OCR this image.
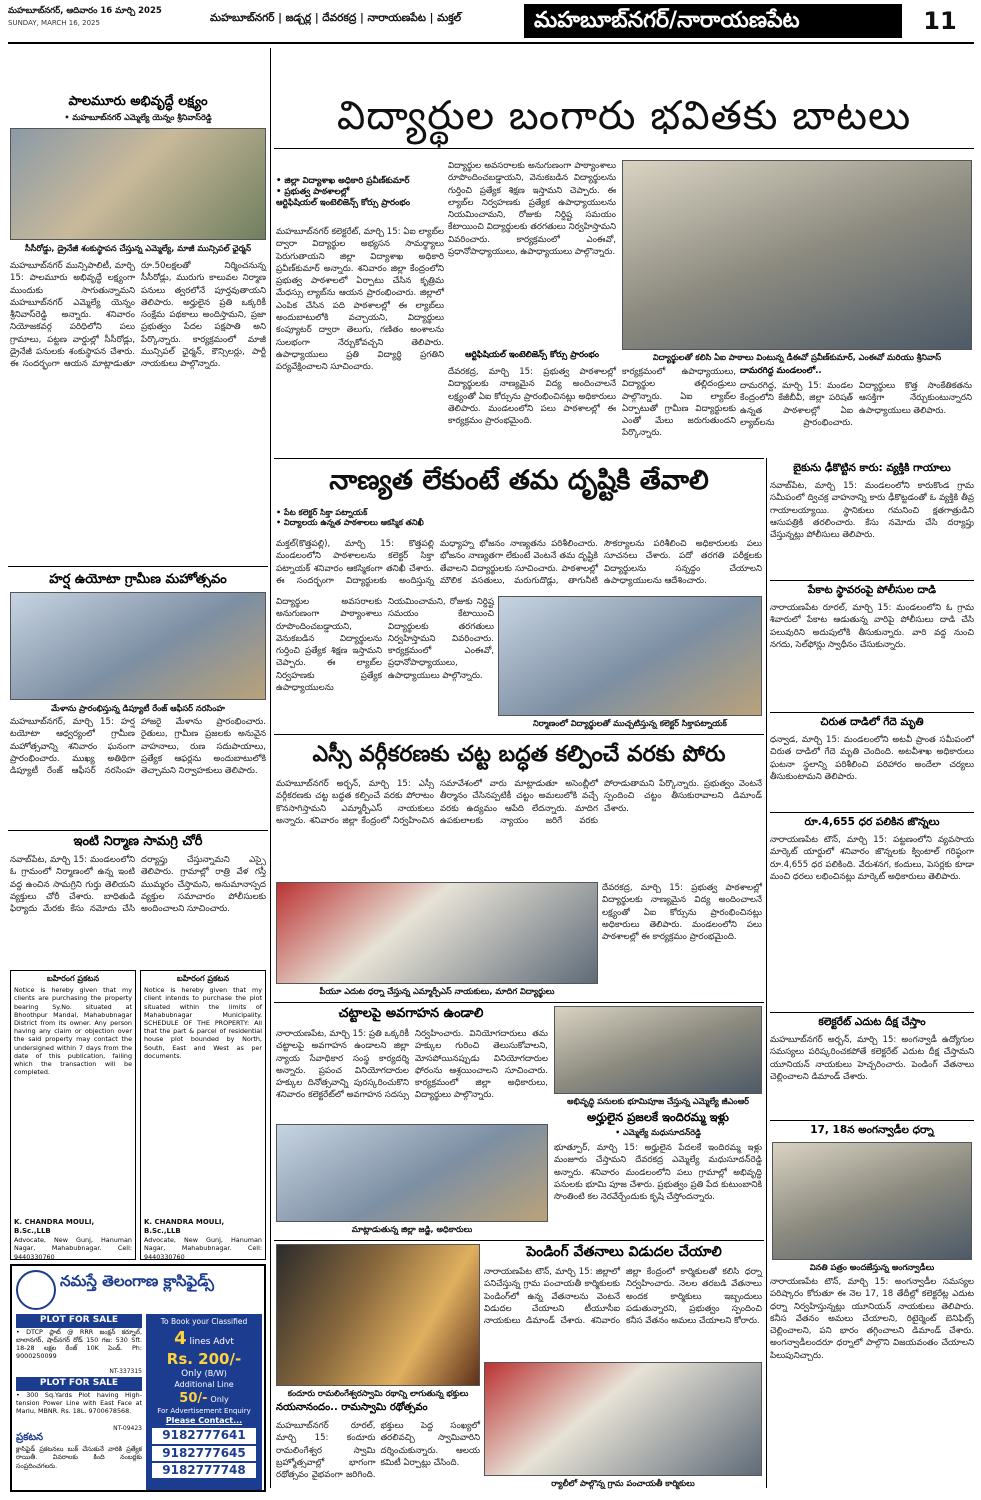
మహబూబ్‌నగర్, ఆదివారం 16 మార్చి 2025
SUNDAY, MARCH 16, 2025	మహబూబ్‌నగర్ | జడ్చర్ల | దేవరకద్ర | నారాయణపేట | మక్తల్	మహబూబ్‌నగర్/నారాయణపేట	11
పాలమూరు అభివృద్ధే లక్ష్యం
• మహబూబ్‌నగర్ ఎమ్మెల్యే యెన్నం శ్రీనివాస్‌రెడ్డి
సీసీరోడ్డు, డ్రైనేజీ శంకుస్థాపన చేస్తున్న ఎమ్మెల్యే, మాజీ మున్సిపల్ ఛైర్మన్
మహబూబ్‌నగర్ మున్సిపాలిటీ, మార్చి 15: పాలమూరు అభివృద్ధే లక్ష్యంగా ముందుకు సాగుతున్నామని మహబూబ్‌నగర్ ఎమ్మెల్యే యెన్నం శ్రీనివాస్‌రెడ్డి అన్నారు. శనివారం నియోజకవర్గ పరిధిలోని పలు గ్రామాలు, పట్టణ వార్డుల్లో సీసీరోడ్లు, డ్రైనేజీ పనులకు శంకుస్థాపన చేశారు. ఈ సందర్భంగా ఆయన మాట్లాడుతూ రూ.50లక్షలతో నిర్మించనున్న సీసీరోడ్లు, మురుగు కాలువల నిర్మాణ పనులు త్వరలోనే పూర్తవుతాయని తెలిపారు. అర్హులైన ప్రతి ఒక్కరికీ సంక్షేమ పథకాలు అందిస్తామని, ప్రజా ప్రభుత్వం పేదల పక్షపాతి అని పేర్కొన్నారు. కార్యక్రమంలో మాజీ మున్సిపల్ ఛైర్మన్, కౌన్సిలర్లు, పార్టీ నాయకులు పాల్గొన్నారు.
హర్ష ఉయోటా గ్రామీణ మహోత్సవం
మేళాను ప్రారంభిస్తున్న డిప్యూటీ రేంజ్ ఆఫీసర్ నరసింహ
మహబూబ్‌నగర్, మార్చి 15: హర్ష టయోటా ఆధ్వర్యంలో గ్రామీణ మహోత్సవాన్ని శనివారం ఘనంగా ప్రారంభించారు. ముఖ్య అతిథిగా డిప్యూటీ రేంజ్ ఆఫీసర్ నరసింహ హాజరై మేళాను ప్రారంభించారు. రైతులు, గ్రామీణ ప్రజలకు అనువైన వాహనాలు, రుణ సదుపాయాలు, ప్రత్యేక ఆఫర్లను అందుబాటులోకి తెచ్చామని నిర్వాహకులు తెలిపారు.
ఇంటి నిర్మాణ సామగ్రి చోరీ
నవాబ్‌పేట, మార్చి 15: మండలంలోని ఓ గ్రామంలో నిర్మాణంలో ఉన్న ఇంటి వద్ద ఉంచిన సామగ్రిని గుర్తు తెలియని వ్యక్తులు చోరీ చేశారు. బాధితుడి ఫిర్యాదు మేరకు కేసు నమోదు చేసి దర్యాప్తు చేస్తున్నామని ఎస్సై తెలిపారు. గ్రామాల్లో రాత్రి వేళ గస్తీ ముమ్మరం చేస్తామని, అనుమానాస్పద వ్యక్తుల సమాచారం పోలీసులకు అందించాలని సూచించారు.
బహిరంగ ప్రకటన
Notice is hereby given that my clients are purchasing the property bearing Sy.No. situated at Bhoothpur Mandal, Mahabubnagar District from its owner. Any person having any claim or objection over the said property may contact the undersigned within 7 days from the date of this publication, failing which the transaction will be completed.
K. CHANDRA MOULI, B.Sc.,LLB
Advocate, New Gunj, Hanuman Nagar, Mahabubnagar. Cell: 9440330760
బహిరంగ ప్రకటన
Notice is hereby given that my client intends to purchase the plot situated within the limits of Mahabubnagar Municipality. SCHEDULE OF THE PROPERTY: All that the part & parcel of residential house plot bounded by North, South, East and West as per documents.
K. CHANDRA MOULI, B.Sc.,LLB
Advocate, New Gunj, Hanuman Nagar, Mahabubnagar. Cell: 9440330760
నమస్తే తెలంగాణ క్లాసిఫైడ్స్
PLOT FOR SALE
• DTCP ప్లాట్ @ RRR జంక్షన్ కర్నూల్, బాలానగర్, షాద్‌నగర్ రోడ్ 150 గజ: 530 Sft. 18-28 లక్షల రేంజ్ 10K పెండ్. Ph: 9000250099
NT-337315
PLOT FOR SALE
• 300 Sq.Yards Plot having High-tension Power Line with East Face at Marlu, MBNR. Rs. 18L. 9700678568.
NT-09423
ప్రకటన
క్లాసిఫైడ్ ప్రకటనలు బుక్ చేసుకునే వారికి ప్రత్యేక రాయితీ. వివరాలకు కింది నంబర్లకు సంప్రదించగలరు.
To Book your Classified
4 lines Advt
Rs. 200/-
Only (B/W)
Additional Line
50/- Only
For Advertisement Enquiry
Please Contact...
9182777641
9182777645
9182777748
విద్యార్థుల బంగారు భవితకు బాటలు
• జిల్లా విద్యాశాఖ అధికారి ప్రవీణ్‌కుమార్
• ప్రభుత్వ పాఠశాలల్లో
ఆర్టిఫిషియల్ ఇంటెలిజెన్స్ కోర్సు ప్రారంభం
మహబూబ్‌నగర్ కలెక్టరేట్, మార్చి 15: ఏఐ ల్యాబ్‌ల ద్వారా విద్యార్థుల అభ్యసన సామర్థ్యాలు పెరుగుతాయని జిల్లా విద్యాశాఖ అధికారి ప్రవీణ్‌కుమార్ అన్నారు. శనివారం జిల్లా కేంద్రంలోని ప్రభుత్వ పాఠశాలలో ఏర్పాటు చేసిన కృత్రిమ మేధస్సు ల్యాబ్‌ను ఆయన ప్రారంభించారు. జిల్లాలో ఎంపిక చేసిన పది పాఠశాలల్లో ఈ ల్యాబ్‌లు అందుబాటులోకి వచ్చాయని, విద్యార్థులు కంప్యూటర్ ద్వారా తెలుగు, గణితం అంశాలను సులభంగా నేర్చుకోవచ్చని తెలిపారు. ఉపాధ్యాయులు ప్రతి విద్యార్థి ప్రగతిని పర్యవేక్షించాలని సూచించారు.
విద్యార్థుల అవసరాలకు అనుగుణంగా పాఠ్యాంశాలు రూపొందించబడ్డాయని, వెనుకబడిన విద్యార్థులను గుర్తించి ప్రత్యేక శిక్షణ ఇస్తామని చెప్పారు. ఈ ల్యాబ్‌ల నిర్వహణకు ప్రత్యేక ఉపాధ్యాయులను నియమించామని, రోజుకు నిర్దిష్ట సమయం కేటాయించి విద్యార్థులకు తరగతులు నిర్వహిస్తామని వివరించారు. కార్యక్రమంలో ఎంఈవో, ప్రధానోపాధ్యాయులు, ఉపాధ్యాయులు పాల్గొన్నారు.
ఆర్టిఫిషియల్ ఇంటెలిజెన్స్ కోర్సు ప్రారంభం
దేవరకద్ర, మార్చి 15: ప్రభుత్వ పాఠశాలల్లో విద్యార్థులకు నాణ్యమైన విద్య అందించాలనే లక్ష్యంతో ఏఐ కోర్సును ప్రారంభించినట్లు అధికారులు తెలిపారు. మండలంలోని పలు పాఠశాలల్లో ఈ కార్యక్రమం ప్రారంభమైంది.
విద్యార్థులతో కలిసి ఏఐ పాఠాలు వింటున్న డీఈవో ప్రవీణ్‌కుమార్, ఎంఈవో మరియు శ్రీనివాస్
కార్యక్రమంలో ఉపాధ్యాయులు, విద్యార్థుల తల్లిదండ్రులు పాల్గొన్నారు. ఏఐ ల్యాబ్‌ల ఏర్పాటుతో గ్రామీణ విద్యార్థులకు ఎంతో మేలు జరుగుతుందని పేర్కొన్నారు.
దామరగిద్ద మండలంలో..
దామరగిద్ద, మార్చి 15: మండల కేంద్రంలోని కేజీబీవీ, జిల్లా పరిషత్ ఉన్నత పాఠశాలల్లో ఏఐ ల్యాబ్‌లను ప్రారంభించారు. విద్యార్థులు కొత్త సాంకేతికతను ఆసక్తిగా నేర్చుకుంటున్నారని ఉపాధ్యాయులు తెలిపారు.
నాణ్యత లేకుంటే తమ దృష్టికి తేవాలి
• పేట కలెక్టర్ సిక్తా పట్నాయక్
• విద్యాలయ ఉన్నత పాఠశాలలు ఆకస్మిక తనిఖీ
మక్తల్(కొత్తపల్లి), మార్చి 15: కొత్తపల్లి మండలంలోని పాఠశాలలను కలెక్టర్ సిక్తా పట్నాయక్ శనివారం ఆకస్మికంగా తనిఖీ చేశారు. ఈ సందర్భంగా విద్యార్థులకు అందిస్తున్న మధ్యాహ్న భోజనం నాణ్యతను పరిశీలించారు. భోజనం నాణ్యతగా లేకుంటే వెంటనే తమ దృష్టికి తేవాలని విద్యార్థులకు సూచించారు. పాఠశాలల్లో మౌలిక వసతులు, మరుగుదొడ్లు, తాగునీటి సౌకర్యాలను పరిశీలించి అధికారులకు పలు సూచనలు చేశారు. పదో తరగతి పరీక్షలకు విద్యార్థులను సన్నద్ధం చేయాలని ఉపాధ్యాయులను ఆదేశించారు.
నిర్మాణంలో విద్యార్థులతో ముచ్చటిస్తున్న కలెక్టర్ సిక్తాపట్నాయక్
విద్యార్థుల అవసరాలకు అనుగుణంగా పాఠ్యాంశాలు రూపొందించబడ్డాయని, వెనుకబడిన విద్యార్థులను గుర్తించి ప్రత్యేక శిక్షణ ఇస్తామని చెప్పారు. ఈ ల్యాబ్‌ల నిర్వహణకు ప్రత్యేక ఉపాధ్యాయులను నియమించామని, రోజుకు నిర్దిష్ట సమయం కేటాయించి విద్యార్థులకు తరగతులు నిర్వహిస్తామని వివరించారు. కార్యక్రమంలో ఎంఈవో, ప్రధానోపాధ్యాయులు, ఉపాధ్యాయులు పాల్గొన్నారు.
ఎస్సీ వర్గీకరణకు చట్ట బద్ధత కల్పించే వరకు పోరు
మహబూబ్‌నగర్ అర్బన్, మార్చి 15: ఎస్సీ వర్గీకరణకు చట్ట బద్ధత కల్పించే వరకు పోరాటం కొనసాగిస్తామని ఎమ్మార్పీఎస్ నాయకులు అన్నారు. శనివారం జిల్లా కేంద్రంలో నిర్వహించిన సమావేశంలో వారు మాట్లాడుతూ అసెంబ్లీలో తీర్మానం చేసినప్పటికీ చట్టం అమలులోకి వచ్చే వరకు ఉద్యమం ఆపేది లేదన్నారు. మాదిగ ఉపకులాలకు న్యాయం జరిగే వరకు పోరాడుతామని పేర్కొన్నారు. ప్రభుత్వం వెంటనే స్పందించి చట్టం తీసుకురావాలని డిమాండ్ చేశారు.
పీయూ ఎదుట ధర్నా చేస్తున్న ఎమ్మార్పీఎస్ నాయకులు, మాదిగ విద్యార్థులు
దేవరకద్ర, మార్చి 15: ప్రభుత్వ పాఠశాలల్లో విద్యార్థులకు నాణ్యమైన విద్య అందించాలనే లక్ష్యంతో ఏఐ కోర్సును ప్రారంభించినట్లు అధికారులు తెలిపారు. మండలంలోని పలు పాఠశాలల్లో ఈ కార్యక్రమం ప్రారంభమైంది.
చట్టాలపై అవగాహన ఉండాలి
నారాయణపేట, మార్చి 15: ప్రతి ఒక్కరికీ చట్టాలపై అవగాహన ఉండాలని జిల్లా న్యాయ సేవాధికార సంస్థ కార్యదర్శి అన్నారు. ప్రపంచ వినియోగదారుల హక్కుల దినోత్సవాన్ని పురస్కరించుకొని శనివారం కలెక్టరేట్‌లో అవగాహన సదస్సు నిర్వహించారు. వినియోగదారులు తమ హక్కుల గురించి తెలుసుకోవాలని, మోసపోయినప్పుడు వినియోగదారుల ఫోరంను ఆశ్రయించాలని సూచించారు. కార్యక్రమంలో జిల్లా అధికారులు, విద్యార్థులు పాల్గొన్నారు.
మాట్లాడుతున్న జిల్లా జడ్జి, అధికారులు
అభివృద్ధి పనులకు భూమిపూజ చేస్తున్న ఎమ్మెల్యే జీఎంఆర్
అర్హులైన ప్రజలకే ఇందిరమ్మ ఇళ్లు
• ఎమ్మెల్యే మధుసూదన్‌రెడ్డి
భూత్పూర్, మార్చి 15: అర్హులైన పేదలకే ఇందిరమ్మ ఇళ్లు మంజూరు చేస్తామని దేవరకద్ర ఎమ్మెల్యే మధుసూదన్‌రెడ్డి అన్నారు. శనివారం మండలంలోని పలు గ్రామాల్లో అభివృద్ధి పనులకు భూమి పూజ చేశారు. ప్రభుత్వం ప్రతి పేద కుటుంబానికి సొంతింటి కల నెరవేర్చేందుకు కృషి చేస్తోందన్నారు.
పెండింగ్ వేతనాలు విడుదల చేయాలి
నారాయణపేట టౌన్, మార్చి 15: జిల్లాలో పనిచేస్తున్న గ్రామ పంచాయతీ కార్మికులకు పెండింగ్‌లో ఉన్న వేతనాలను వెంటనే విడుదల చేయాలని టీయూసీఐ నాయకులు డిమాండ్ చేశారు. శనివారం జిల్లా కేంద్రంలో కార్మికులతో కలిసి ధర్నా నిర్వహించారు. నెలల తరబడి వేతనాలు అందక కార్మికులు ఇబ్బందులు పడుతున్నారని, ప్రభుత్వం స్పందించి కనీస వేతనం అమలు చేయాలని కోరారు.
ర్యాలీలో పాల్గొన్న గ్రామ పంచాయతీ కార్మికులు
కందూరు రామలింగేశ్వరస్వామి రథాన్ని లాగుతున్న భక్తులు
నయనానందం.. రామస్వామి రథోత్సవం
మహబూబ్‌నగర్ రూరల్, మార్చి 15: కందూరు రామలింగేశ్వర స్వామి బ్రహ్మోత్సవాల్లో భాగంగా రథోత్సవం వైభవంగా జరిగింది. భక్తులు పెద్ద సంఖ్యలో తరలివచ్చి స్వామివారిని దర్శించుకున్నారు. ఆలయ కమిటీ ఏర్పాట్లు చేసింది.
బైకును ఢీకొట్టిన కారు: వ్యక్తికి గాయాలు
నవాబ్‌పేట, మార్చి 15: మండలంలోని కారుకొండ గ్రామ సమీపంలో ద్విచక్ర వాహనాన్ని కారు ఢీకొట్టడంతో ఓ వ్యక్తికి తీవ్ర గాయాలయ్యాయి. స్థానికులు గమనించి క్షతగాత్రుడిని ఆసుపత్రికి తరలించారు. కేసు నమోదు చేసి దర్యాప్తు చేస్తున్నట్లు పోలీసులు తెలిపారు.
పేకాట స్థావరంపై పోలీసుల దాడి
నారాయణపేట రూరల్, మార్చి 15: మండలంలోని ఓ గ్రామ శివారులో పేకాట ఆడుతున్న వారిపై పోలీసులు దాడి చేసి పలువురిని అదుపులోకి తీసుకున్నారు. వారి వద్ద నుంచి నగదు, సెల్‌ఫోన్లు స్వాధీనం చేసుకున్నారు.
చిరుత దాడిలో గేదె మృతి
ధన్వాడ, మార్చి 15: మండలంలోని అటవీ ప్రాంత సమీపంలో చిరుత దాడిలో గేదె మృతి చెందింది. అటవీశాఖ అధికారులు ఘటనా స్థలాన్ని పరిశీలించి పరిహారం అందేలా చర్యలు తీసుకుంటామని తెలిపారు.
రూ.4,655 ధర పలికిన జొన్నలు
నారాయణపేట టౌన్, మార్చి 15: పట్టణంలోని వ్యవసాయ మార్కెట్ యార్డులో శనివారం జొన్నలకు క్వింటాల్ గరిష్ఠంగా రూ.4,655 ధర పలికింది. వేరుశనగ, కందులు, పెసర్లకు కూడా మంచి ధరలు లభించినట్లు మార్కెట్ అధికారులు తెలిపారు.
కలెక్టరేట్ ఎదుట దీక్ష చేస్తాం
మహబూబ్‌నగర్ అర్బన్, మార్చి 15: అంగన్వాడీ ఉద్యోగుల సమస్యలు పరిష్కరించకపోతే కలెక్టరేట్ ఎదుట దీక్ష చేస్తామని యూనియన్ నాయకులు హెచ్చరించారు. పెండింగ్ వేతనాలు చెల్లించాలని డిమాండ్ చేశారు.
17, 18న అంగన్వాడీల ధర్నా
వినతి పత్రం అందజేస్తున్న అంగన్వాడీలు
నారాయణపేట టౌన్, మార్చి 15: అంగన్వాడీల సమస్యల పరిష్కారం కోరుతూ ఈ నెల 17, 18 తేదీల్లో కలెక్టరేట్ల ఎదుట ధర్నా నిర్వహిస్తున్నట్లు యూనియన్ నాయకులు తెలిపారు. కనీస వేతనం అమలు చేయాలని, రిటైర్మెంట్ బెనిఫిట్స్ చెల్లించాలని, పని భారం తగ్గించాలని డిమాండ్ చేశారు. అంగన్వాడీలందరూ ధర్నాలో పాల్గొని విజయవంతం చేయాలని పిలుపునిచ్చారు.
